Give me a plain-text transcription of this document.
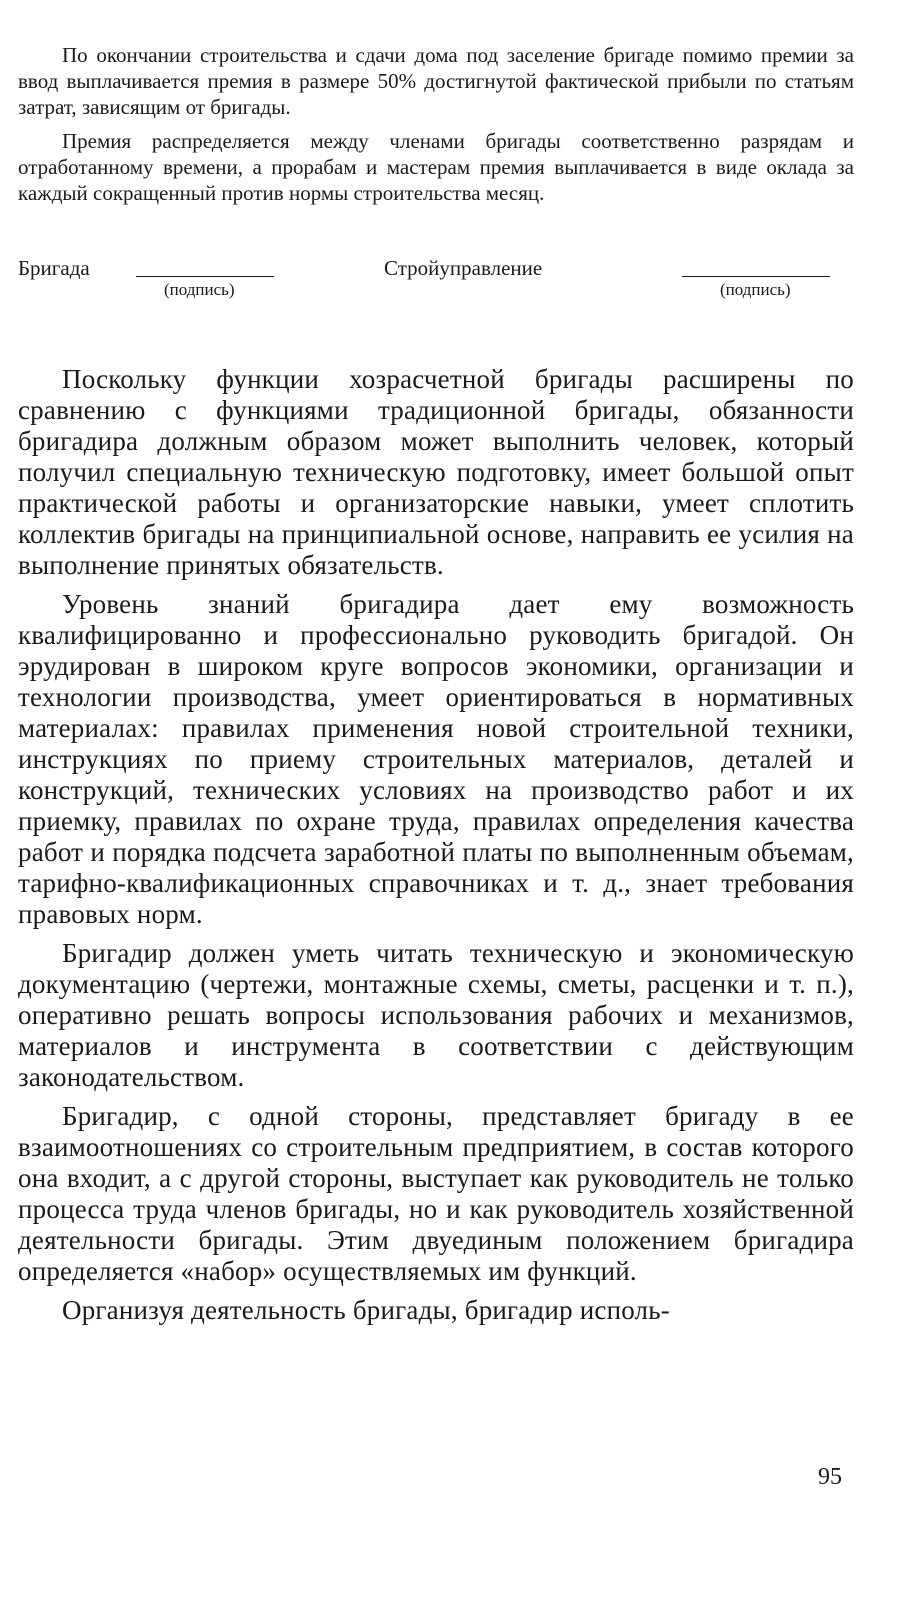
По окончании строительства и сдачи дома под заселение бригаде помимо премии за ввод выплачивается премия в размере 50% достигнутой фактической прибыли по статьям затрат, зависящим от бригады.

Премия распределяется между членами бригады соответственно разрядам и отработанному времени, а прорабам и мастерам премия выплачивается в виде оклада за каждый сокращенный против нормы строительства месяц.

Бригада
(подпись)
Стройуправление
(подпись)

Поскольку функции хозрасчетной бригады расширены по сравнению с функциями традиционной бригады, обязанности бригадира должным образом может выполнить человек, который получил специальную техническую подготовку, имеет большой опыт практической работы и организаторские навыки, умеет сплотить коллектив бригады на принципиальной основе, направить ее усилия на выполнение принятых обязательств.

Уровень знаний бригадира дает ему возможность квалифицированно и профессионально руководить бригадой. Он эрудирован в широком круге вопросов экономики, организации и технологии производства, умеет ориентироваться в нормативных материалах: правилах применения новой строительной техники, инструкциях по приему строительных материалов, деталей и конструкций, технических условиях на производство работ и их приемку, правилах по охране труда, правилах определения качества работ и порядка подсчета заработной платы по выполненным объемам, тарифно-квалификационных справочниках и т. д., знает требования правовых норм.

Бригадир должен уметь читать техническую и экономическую документацию (чертежи, монтажные схемы, сметы, расценки и т. п.), оперативно решать вопросы использования рабочих и механизмов, материалов и инструмента в соответствии с действующим законодательством.

Бригадир, с одной стороны, представляет бригаду в ее взаимоотношениях со строительным предприятием, в состав которого она входит, а с другой стороны, выступает как руководитель не только процесса труда членов бригады, но и как руководитель хозяйственной деятельности бригады. Этим двуединым положением бригадира определяется «набор» осуществляемых им функций.

Организуя деятельность бригады, бригадир исполь-

95
